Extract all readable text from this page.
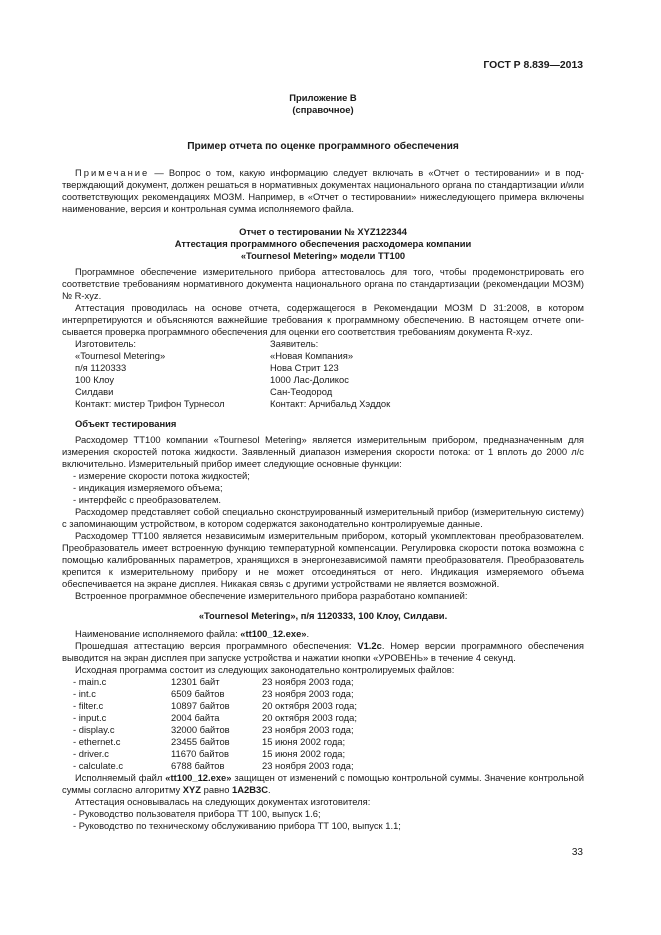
ГОСТ Р 8.839—2013
Приложение В
(справочное)
Пример отчета по оценке программного обеспечения

Примечание — Вопрос о том, какую информацию следует включать в «Отчет о тестировании» и в подтверждающий документ, должен решаться в нормативных документах национального органа по стандартизации и/или соответствующих рекомендациях МОЗМ. Например, в «Отчет о тестировании» нижеследующего примера включены наименование, версия и контрольная сумма исполняемого файла.

Отчет о тестировании № XYZ122344
Аттестация программного обеспечения расходомера компании
«Tournesol Metering» модели ТТ100

Программное обеспечение измерительного прибора аттестовалось для того, чтобы продемонстрировать его соответствие требованиям нормативного документа национального органа по стандартизации (рекомендации МОЗМ) № R-xyz.

Аттестация проводилась на основе отчета, содержащегося в Рекомендации МОЗМ D 31:2008, в котором интерпретируются и объясняются важнейшие требования к программному обеспечению. В настоящем отчете описывается проверка программного обеспечения для оценки его соответствия требованиям документа R-xyz.

Изготовитель:	Заявитель:
«Tournesol Metering»	«Новая Компания»
п/я 1120333	Нова Стрит 123
100 Клоу	1000 Лас-Доликос
Силдави	Сан-Теодород
Контакт: мистер Трифон Турнесол	Контакт: Арчибальд Хэддок
Объект тестирования

Расходомер ТТ100 компании «Tournesol Metering» является измерительным прибором, предназначенным для измерения скоростей потока жидкости. Заявленный диапазон измерения скорости потока: от 1 вплоть до 2000 л/с включительно. Измерительный прибор имеет следующие основные функции:

- измерение скорости потока жидкостей;
- индикация измеряемого объема;
- интерфейс с преобразователем.

Расходомер представляет собой специально сконструированный измерительный прибор (измерительную систему) с запоминающим устройством, в котором содержатся законодательно контролируемые данные.

Расходомер ТТ100 является независимым измерительным прибором, который укомплектован преобразователем. Преобразователь имеет встроенную функцию температурной компенсации. Регулировка скорости потока возможна с помощью калиброванных параметров, хранящихся в энергонезависимой памяти преобразователя. Преобразователь крепится к измерительному прибору и не может отсоединяться от него. Индикация измеряемого объема обеспечивается на экране дисплея. Никакая связь с другими устройствами не является возможной.

Встроенное программное обеспечение измерительного прибора разработано компанией:

«Tournesol Metering», п/я 1120333, 100 Клоу, Силдави.

Наименование исполняемого файла: «tt100_12.exe».

Прошедшая аттестацию версия программного обеспечения: V1.2c. Номер версии программного обеспечения выводится на экран дисплея при запуске устройства и нажатии кнопки «УРОВЕНЬ» в течение 4 секунд.

Исходная программа состоит из следующих законодательно контролируемых файлов:

- main.c	12301 байт	23 ноября 2003 года;
- int.c	6509 байтов	23 ноября 2003 года;
- filter.c	10897 байтов	20 октября 2003 года;
- input.c	2004 байта	20 октября 2003 года;
- display.c	32000 байтов	23 ноября 2003 года;
- ethernet.c	23455 байтов	15 июня 2002 года;
- driver.c	11670 байтов	15 июня 2002 года;
- calculate.c	6788 байтов	23 ноября 2003 года;

Исполняемый файл «tt100_12.exe» защищен от изменений с помощью контрольной суммы. Значение контрольной суммы согласно алгоритму XYZ равно 1A2B3C.

Аттестация основывалась на следующих документах изготовителя:

- Руководство пользователя прибора ТТ 100, выпуск 1.6;
- Руководство по техническому обслуживанию прибора ТТ 100, выпуск 1.1;
33
